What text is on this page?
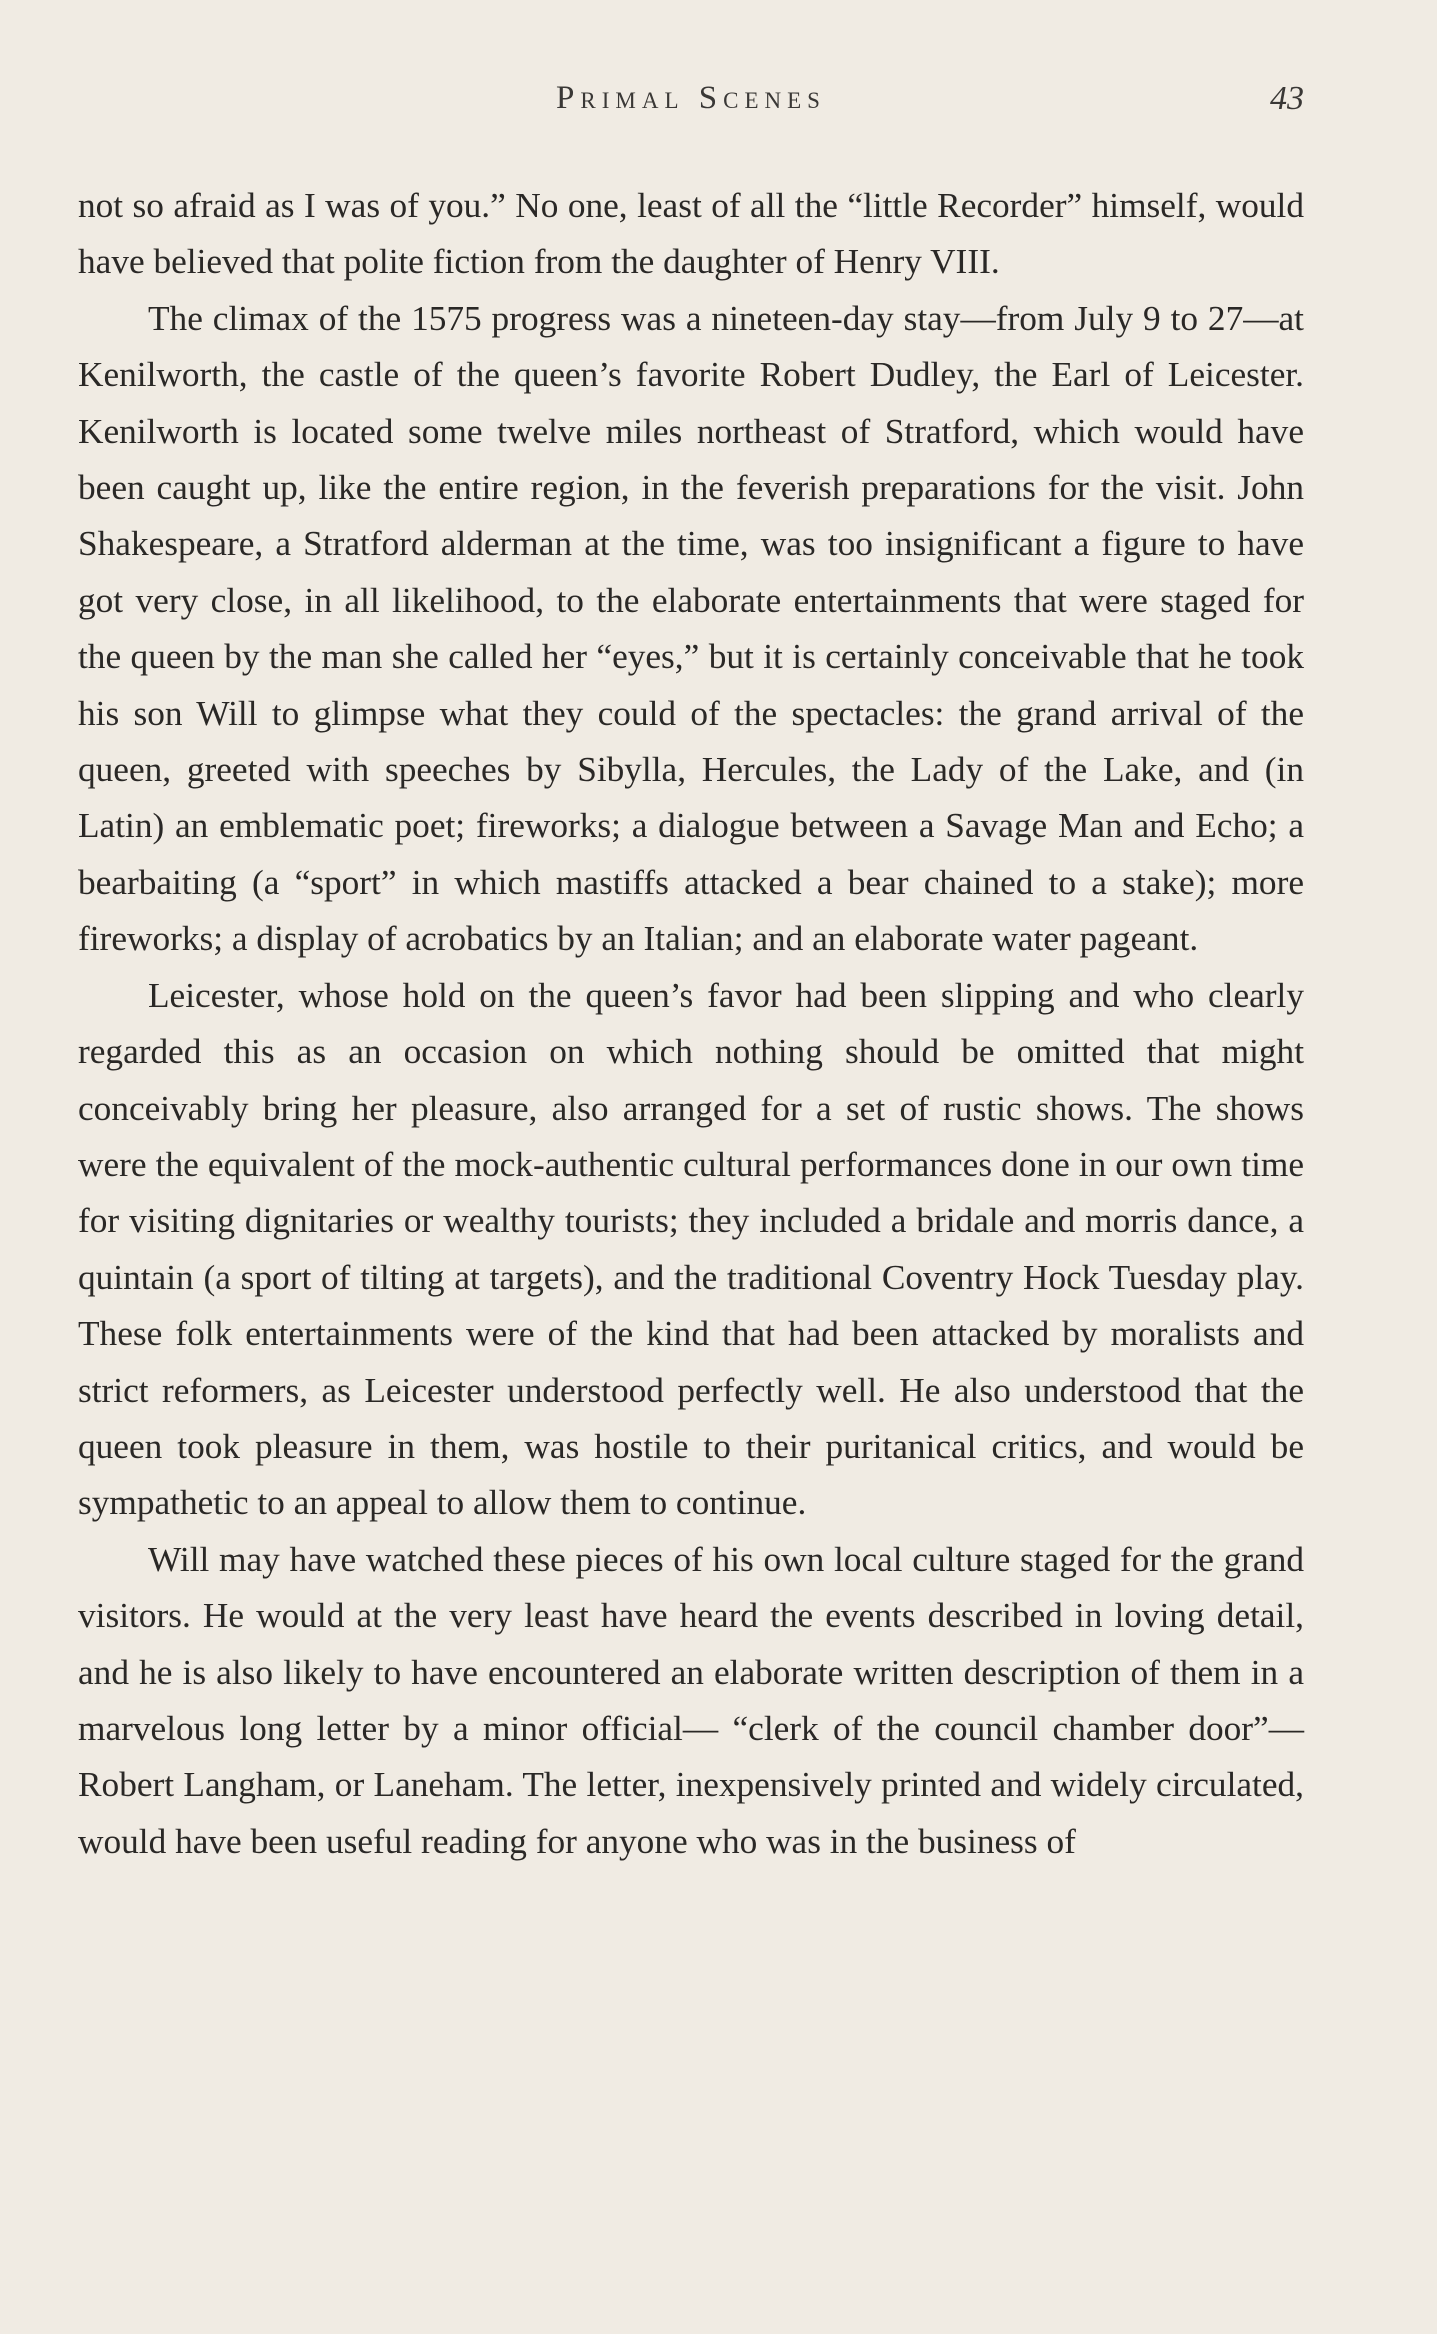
Primal Scenes	43

not so afraid as I was of you.” No one, least of all the “little Recorder” himself, would have believed that polite fiction from the daughter of Henry VIII.

The climax of the 1575 progress was a nineteen-day stay—from July 9 to 27—at Kenilworth, the castle of the queen’s favorite Robert Dudley, the Earl of Leicester. Kenilworth is located some twelve miles northeast of Stratford, which would have been caught up, like the entire region, in the feverish preparations for the visit. John Shakespeare, a Stratford alderman at the time, was too insignificant a figure to have got very close, in all likelihood, to the elaborate entertainments that were staged for the queen by the man she called her “eyes,” but it is certainly conceivable that he took his son Will to glimpse what they could of the spectacles: the grand arrival of the queen, greeted with speeches by Sibylla, Hercules, the Lady of the Lake, and (in Latin) an emblematic poet; fireworks; a dialogue between a Savage Man and Echo; a bearbaiting (a “sport” in which mastiffs attacked a bear chained to a stake); more fireworks; a display of acrobatics by an Italian; and an elaborate water pageant.

Leicester, whose hold on the queen’s favor had been slipping and who clearly regarded this as an occasion on which nothing should be omitted that might conceivably bring her pleasure, also arranged for a set of rustic shows. The shows were the equivalent of the mock-authentic cultural performances done in our own time for visiting dignitaries or wealthy tourists; they included a bridale and morris dance, a quintain (a sport of tilting at targets), and the traditional Coventry Hock Tuesday play. These folk entertainments were of the kind that had been attacked by moralists and strict reformers, as Leicester understood perfectly well. He also understood that the queen took pleasure in them, was hostile to their puritanical critics, and would be sympathetic to an appeal to allow them to continue.

Will may have watched these pieces of his own local culture staged for the grand visitors. He would at the very least have heard the events described in loving detail, and he is also likely to have encountered an elaborate written description of them in a marvelous long letter by a minor official— “clerk of the council chamber door”—Robert Langham, or Laneham. The letter, inexpensively printed and widely circulated, would have been useful reading for anyone who was in the business of
